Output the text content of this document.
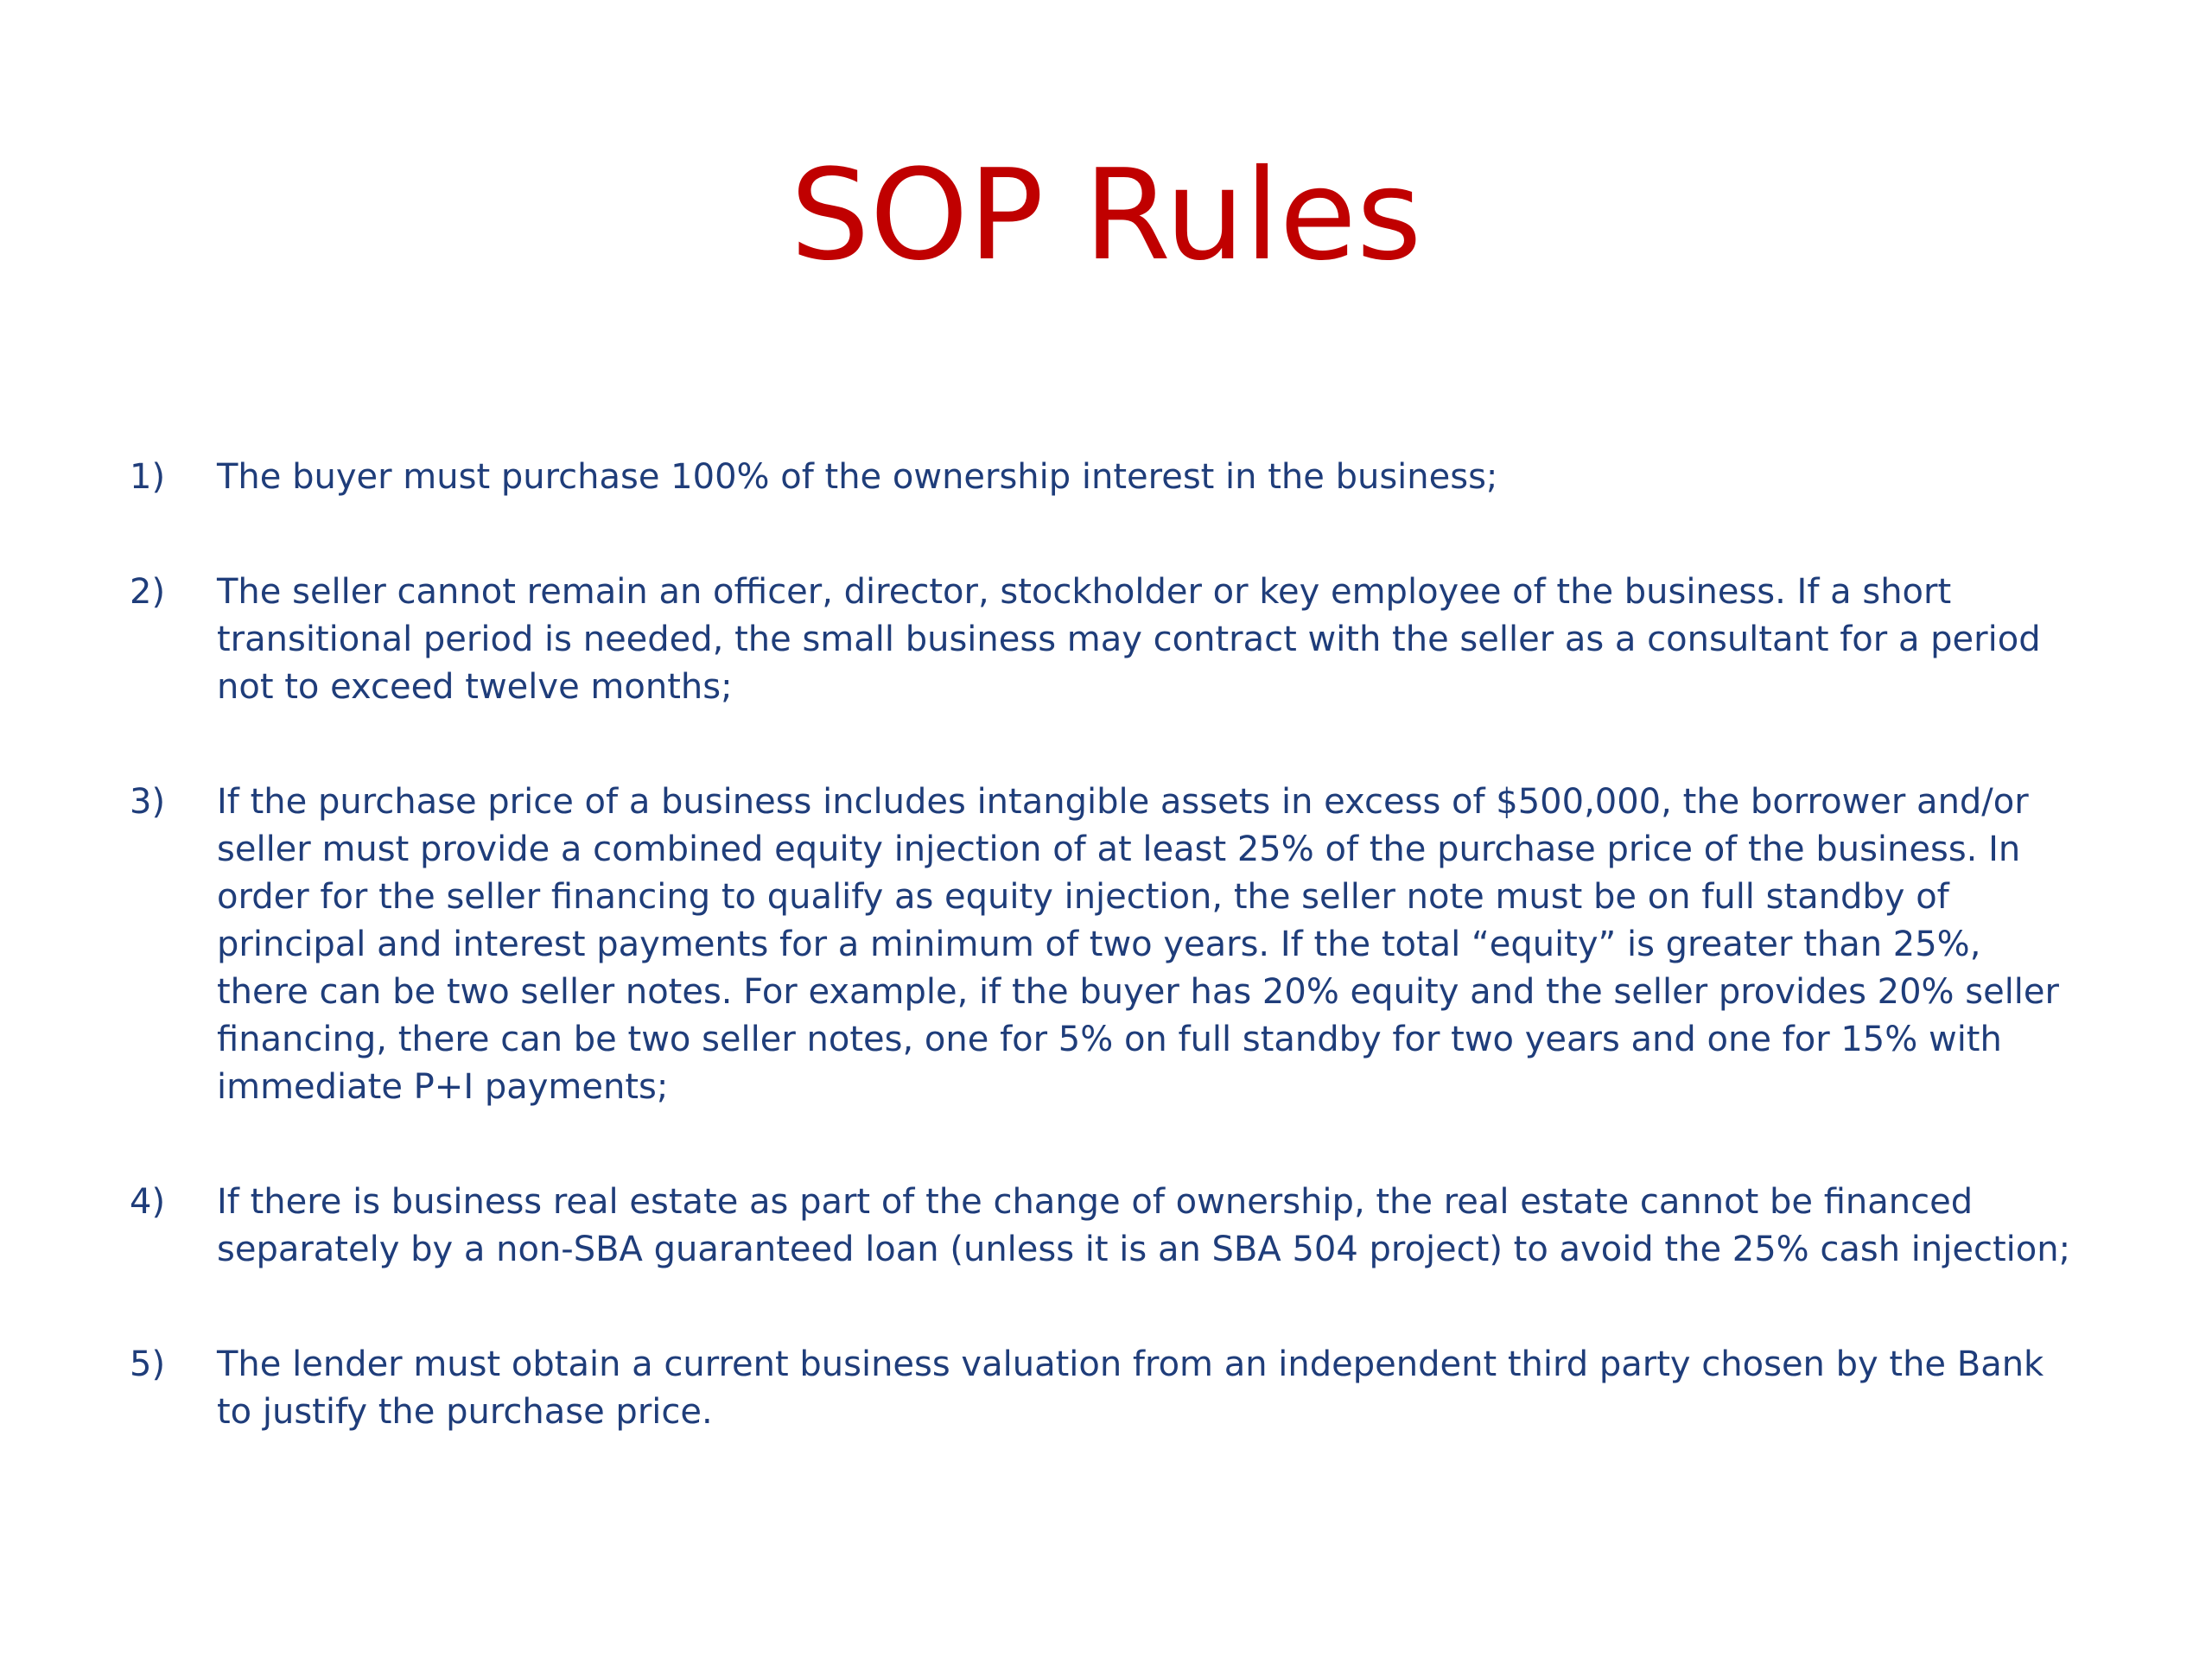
SOP Rules
1)	The buyer must purchase 100% of the ownership interest in the business;
2)	The seller cannot remain an officer, director, stockholder or key employee of the business. If a short transitional period is needed, the small business may contract with the seller as a consultant for a period not to exceed twelve months;
3)	If the purchase price of a business includes intangible assets in excess of $500,000, the borrower and/or seller must provide a combined equity injection of at least 25% of the purchase price of the business. In order for the seller financing to qualify as equity injection, the seller note must be on full standby of principal and interest payments for a minimum of two years. If the total “equity” is greater than 25%, there can be two seller notes. For example, if the buyer has 20% equity and the seller provides 20% seller financing, there can be two seller notes, one for 5% on full standby for two years and one for 15% with immediate P+I payments;
4)	If there is business real estate as part of the change of ownership, the real estate cannot be financed separately by a non-SBA guaranteed loan (unless it is an SBA 504 project) to avoid the 25% cash injection;
5)	The lender must obtain a current business valuation from an independent third party chosen by the Bank to justify the purchase price.
